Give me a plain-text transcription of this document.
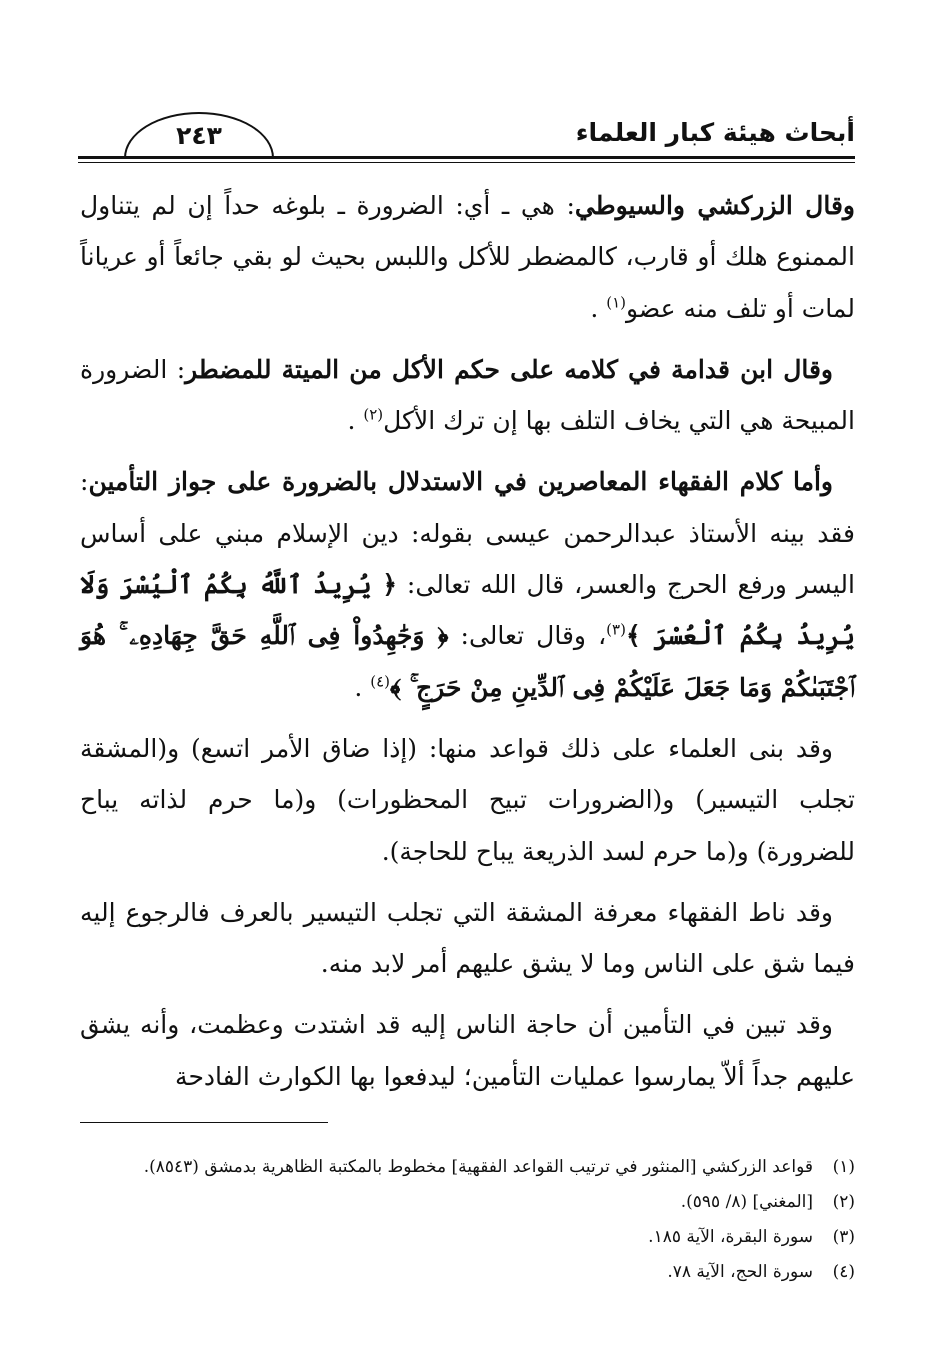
أبحاث هيئة كبار العلماء
٢٤٣

وقال الزركشي والسيوطي: هي ـ أي: الضرورة ـ بلوغه حداً إن لم يتناول الممنوع هلك أو قارب، كالمضطر للأكل واللبس بحيث لو بقي جائعاً أو عرياناً لمات أو تلف منه عضو$^{(١)}$ .

وقال ابن قدامة في كلامه على حكم الأكل من الميتة للمضطر: الضرورة المبيحة هي التي يخاف التلف بها إن ترك الأكل$^{(٢)}$ .

وأما كلام الفقهاء المعاصرين في الاستدلال بالضرورة على جواز التأمين: فقد بينه الأستاذ عبدالرحمن عيسى بقوله: دين الإسلام مبني على أساس اليسر ورفع الحرج والعسر، قال الله تعالى: ﴿ يُرِيدُ ٱللَّهُ بِكُمُ ٱلْيُسْرَ وَلَا يُرِيدُ بِكُمُ ٱلْعُسْرَ ﴾$^{(٣)}$، وقال تعالى: ﴿ وَجَٰهِدُواْ فِى ٱللَّهِ حَقَّ جِهَادِهِۦ ۚ هُوَ ٱجْتَبَىٰكُمْ وَمَا جَعَلَ عَلَيْكُمْ فِى ٱلدِّينِ مِنْ حَرَجٍ ۚ ﴾$^{(٤)}$ .

وقد بنى العلماء على ذلك قواعد منها: (إذا ضاق الأمر اتسع) و(المشقة تجلب التيسير) و(الضرورات تبيح المحظورات) و(ما حرم لذاته يباح للضرورة) و(ما حرم لسد الذريعة يباح للحاجة).

وقد ناط الفقهاء معرفة المشقة التي تجلب التيسير بالعرف فالرجوع إليه فيما شق على الناس وما لا يشق عليهم أمر لابد منه.

وقد تبين في التأمين أن حاجة الناس إليه قد اشتدت وعظمت، وأنه يشق عليهم جداً ألاّ يمارسوا عمليات التأمين؛ ليدفعوا بها الكوارث الفادحة

(١)قواعد الزركشي [المنثور في ترتيب القواعد الفقهية] مخطوط بالمكتبة الظاهرية بدمشق (٨٥٤٣).

(٢)[المغني] (٨/ ٥٩٥).

(٣)سورة البقرة، الآية ١٨٥.

(٤)سورة الحج، الآية ٧٨.
